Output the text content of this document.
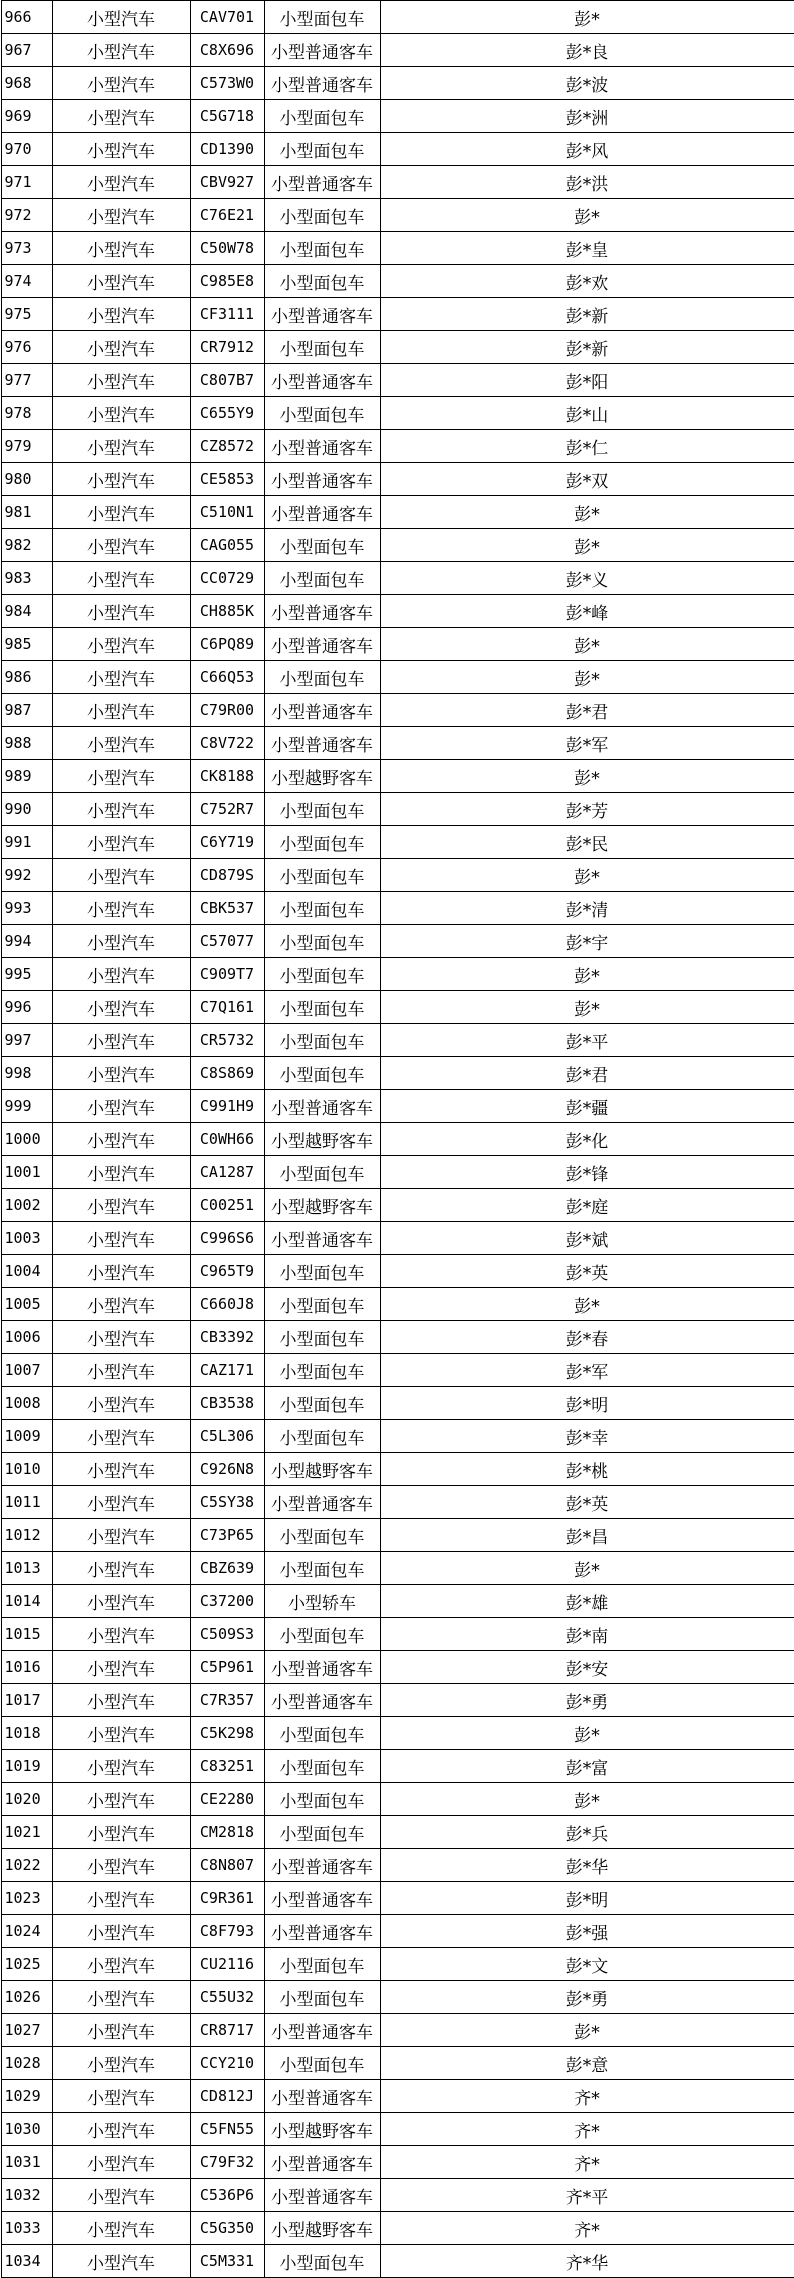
966	小型汽车	CAV701	小型面包车	彭*
967	小型汽车	C8X696	小型普通客车	彭*良
968	小型汽车	C573W0	小型普通客车	彭*波
969	小型汽车	C5G718	小型面包车	彭*洲
970	小型汽车	CD1390	小型面包车	彭*风
971	小型汽车	CBV927	小型普通客车	彭*洪
972	小型汽车	C76E21	小型面包车	彭*
973	小型汽车	C50W78	小型面包车	彭*皇
974	小型汽车	C985E8	小型面包车	彭*欢
975	小型汽车	CF3111	小型普通客车	彭*新
976	小型汽车	CR7912	小型面包车	彭*新
977	小型汽车	C807B7	小型普通客车	彭*阳
978	小型汽车	C655Y9	小型面包车	彭*山
979	小型汽车	CZ8572	小型普通客车	彭*仁
980	小型汽车	CE5853	小型普通客车	彭*双
981	小型汽车	C510N1	小型普通客车	彭*
982	小型汽车	CAG055	小型面包车	彭*
983	小型汽车	CC0729	小型面包车	彭*义
984	小型汽车	CH885K	小型普通客车	彭*峰
985	小型汽车	C6PQ89	小型普通客车	彭*
986	小型汽车	C66Q53	小型面包车	彭*
987	小型汽车	C79R00	小型普通客车	彭*君
988	小型汽车	C8V722	小型普通客车	彭*军
989	小型汽车	CK8188	小型越野客车	彭*
990	小型汽车	C752R7	小型面包车	彭*芳
991	小型汽车	C6Y719	小型面包车	彭*民
992	小型汽车	CD879S	小型面包车	彭*
993	小型汽车	CBK537	小型面包车	彭*清
994	小型汽车	C57077	小型面包车	彭*宇
995	小型汽车	C909T7	小型面包车	彭*
996	小型汽车	C7Q161	小型面包车	彭*
997	小型汽车	CR5732	小型面包车	彭*平
998	小型汽车	C8S869	小型面包车	彭*君
999	小型汽车	C991H9	小型普通客车	彭*疆
1000	小型汽车	C0WH66	小型越野客车	彭*化
1001	小型汽车	CA1287	小型面包车	彭*锋
1002	小型汽车	C00251	小型越野客车	彭*庭
1003	小型汽车	C996S6	小型普通客车	彭*斌
1004	小型汽车	C965T9	小型面包车	彭*英
1005	小型汽车	C660J8	小型面包车	彭*
1006	小型汽车	CB3392	小型面包车	彭*春
1007	小型汽车	CAZ171	小型面包车	彭*军
1008	小型汽车	CB3538	小型面包车	彭*明
1009	小型汽车	C5L306	小型面包车	彭*幸
1010	小型汽车	C926N8	小型越野客车	彭*桃
1011	小型汽车	C5SY38	小型普通客车	彭*英
1012	小型汽车	C73P65	小型面包车	彭*昌
1013	小型汽车	CBZ639	小型面包车	彭*
1014	小型汽车	C37200	小型轿车	彭*雄
1015	小型汽车	C509S3	小型面包车	彭*南
1016	小型汽车	C5P961	小型普通客车	彭*安
1017	小型汽车	C7R357	小型普通客车	彭*勇
1018	小型汽车	C5K298	小型面包车	彭*
1019	小型汽车	C83251	小型面包车	彭*富
1020	小型汽车	CE2280	小型面包车	彭*
1021	小型汽车	CM2818	小型面包车	彭*兵
1022	小型汽车	C8N807	小型普通客车	彭*华
1023	小型汽车	C9R361	小型普通客车	彭*明
1024	小型汽车	C8F793	小型普通客车	彭*强
1025	小型汽车	CU2116	小型面包车	彭*文
1026	小型汽车	C55U32	小型面包车	彭*勇
1027	小型汽车	CR8717	小型普通客车	彭*
1028	小型汽车	CCY210	小型面包车	彭*意
1029	小型汽车	CD812J	小型普通客车	齐*
1030	小型汽车	C5FN55	小型越野客车	齐*
1031	小型汽车	C79F32	小型普通客车	齐*
1032	小型汽车	C536P6	小型普通客车	齐*平
1033	小型汽车	C5G350	小型越野客车	齐*
1034	小型汽车	C5M331	小型面包车	齐*华
